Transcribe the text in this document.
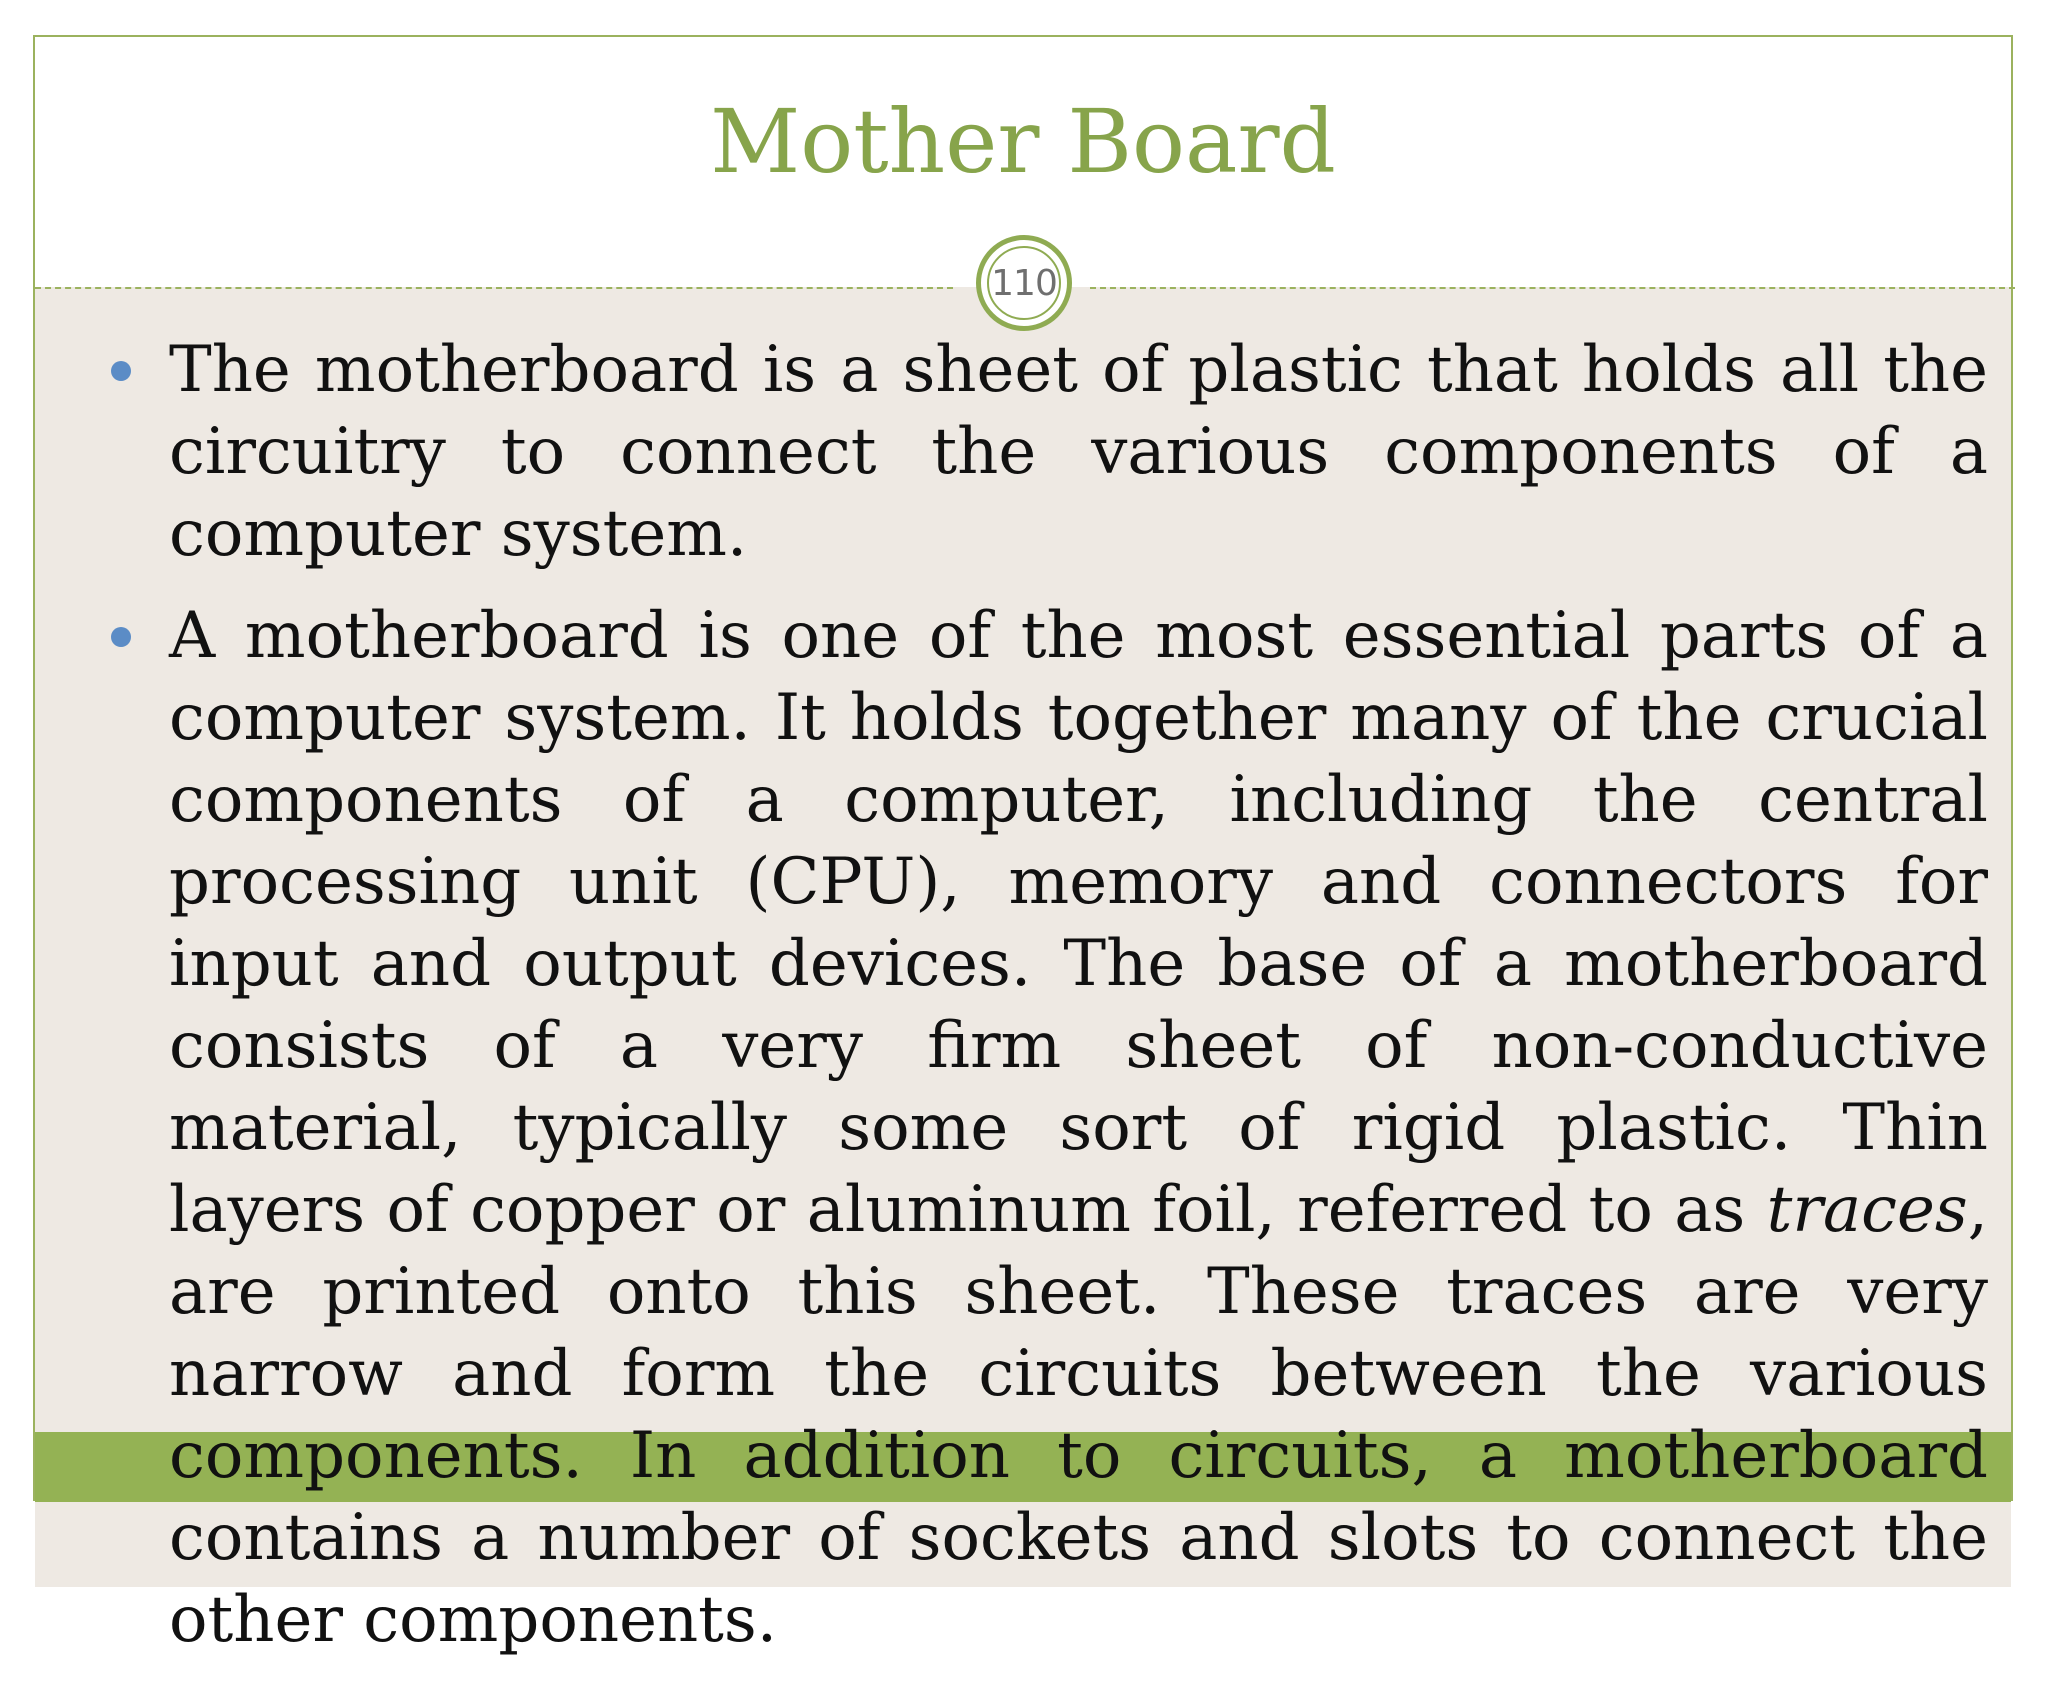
Mother Board
110
The motherboard is a sheet of plastic that holds all the circuitry to connect the various components of a computer system.
A motherboard is one of the most essential parts of a computer system. It holds together many of the crucial components of a computer, including the central processing unit (CPU), memory and connectors for input and output devices. The base of a motherboard consists of a very firm sheet of non-conductive material, typically some sort of rigid plastic. Thin layers of copper or aluminum foil, referred to as traces, are printed onto this sheet. These traces are very narrow and form the circuits between the various components. In addition to circuits, a motherboard contains a number of sockets and slots to connect the other components.
